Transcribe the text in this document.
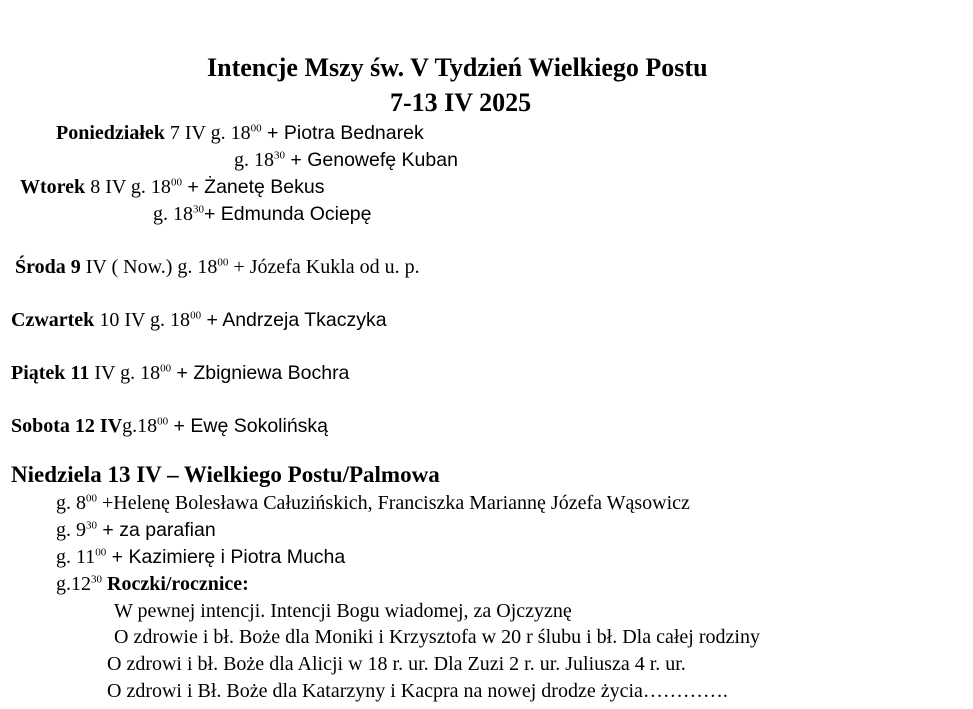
Intencje Mszy św. V Tydzień Wielkiego Postu
7-13 IV 2025
Poniedziałek 7 IV g. $18^{00}$ + Piotra Bednarek
g. $18^{30}$ + Genowefę Kuban
Wtorek 8 IV g. $18^{00}$ + Żanetę Bekus
g. $18^{30}+$ Edmunda Ociepę
Środa 9 IV ( Now.) g. $18^{00}$ + Józefa Kukla od u. p.
Czwartek 10 IV g. $18^{00}$ + Andrzeja Tkaczyka
Piątek 11 IV g. $18^{00}$ + Zbigniewa Bochra
Sobota 12 $IVg.18^{00}$ + Ewę Sokolińską
Niedziela 13 IV – Wielkiego Postu/Palmowa
g. $8^{00}$ +Helenę Bolesława Całuzińskich, Franciszka Mariannę Józefa Wąsowicz
g. $9^{30}$ + za parafian
g. $11^{00}$ + Kazimierę i Piotra Mucha
$g.12^{30}$ Roczki/rocznice:
W pewnej intencji. Intencji Bogu wiadomej, za Ojczyznę
O zdrowie i bł. Boże dla Moniki i Krzysztofa w 20 r ślubu i bł. Dla całej rodziny
O zdrowi i bł. Boże dla Alicji w 18 r. ur. Dla Zuzi 2 r. ur. Juliusza 4 r. ur.
O zdrowi i Bł. Boże dla Katarzyny i Kacpra na nowej drodze życia………….
